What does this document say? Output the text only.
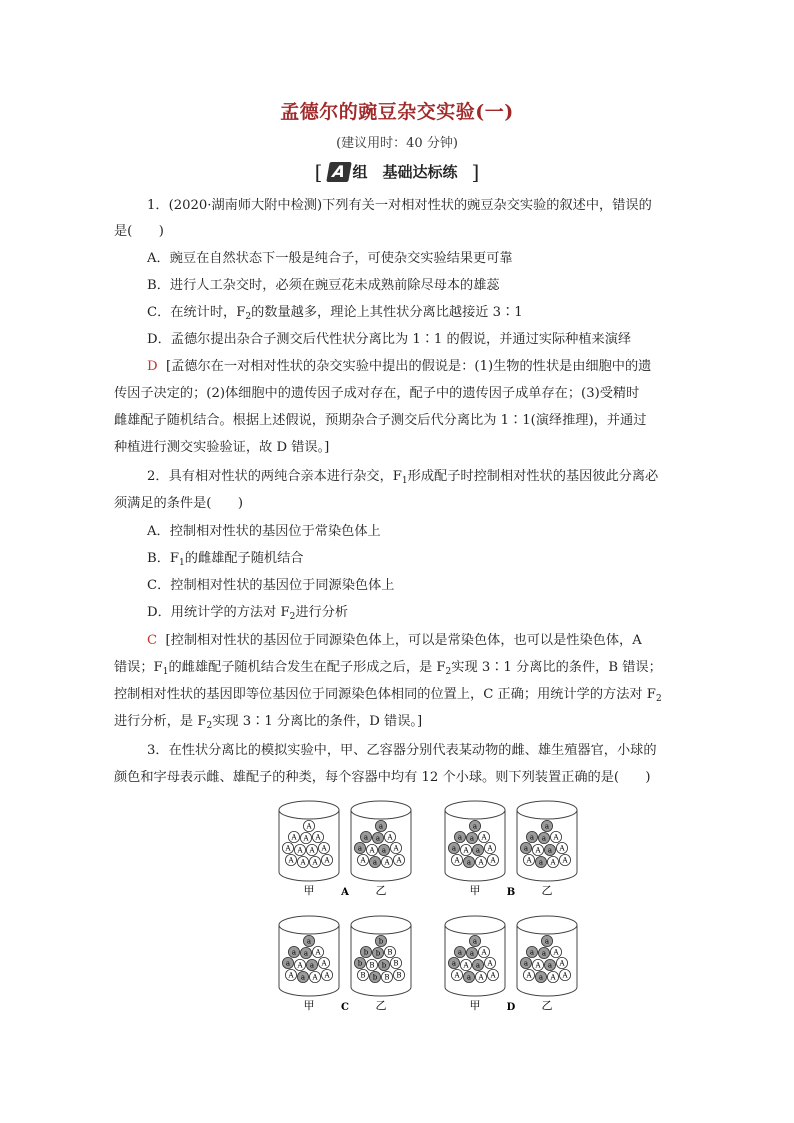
孟德尔的豌豆杂交实验(一)
(建议用时：40 分钟)
[ A 组　基础达标练 ]
1．(2020·湖南师大附中检测)下列有关一对相对性状的豌豆杂交实验的叙述中，错误的
是(　　)
A．豌豆在自然状态下一般是纯合子，可使杂交实验结果更可靠
B．进行人工杂交时，必须在豌豆花未成熟前除尽母本的雄蕊
C．在统计时，$F_2$的数量越多，理论上其性状分离比越接近 3∶1
D．孟德尔提出杂合子测交后代性状分离比为 1∶1 的假说，并通过实际种植来演绎
D [孟德尔在一对相对性状的杂交实验中提出的假说是：(1)生物的性状是由细胞中的遗
传因子决定的；(2)体细胞中的遗传因子成对存在，配子中的遗传因子成单存在；(3)受精时
雌雄配子随机结合。根据上述假说，预期杂合子测交后代分离比为 1∶1(演绎推理)，并通过
种植进行测交实验验证，故 D 错误。]
2．具有相对性状的两纯合亲本进行杂交，$F_1$形成配子时控制相对性状的基因彼此分离必
须满足的条件是(　　)
A．控制相对性状的基因位于常染色体上
B．$F_1$的雌雄配子随机结合
C．控制相对性状的基因位于同源染色体上
D．用统计学的方法对 $F_2$进行分析
C [控制相对性状的基因位于同源染色体上，可以是常染色体，也可以是性染色体，A
错误；$F_1$的雌雄配子随机结合发生在配子形成之后，是 $F_2$实现 3∶1 分离比的条件，B 错误；
控制相对性状的基因即等位基因位于同源染色体相同的位置上，C 正确；用统计学的方法对 $F_2$
进行分析，是 $F_2$实现 3∶1 分离比的条件，D 错误。]
3．在性状分离比的模拟实验中，甲、乙容器分别代表某动物的雌、雄生殖器官，小球的
颜色和字母表示雌、雄配子的种类，每个容器中均有 12 个小球。则下列装置正确的是(　　)
A A A A
A A A A
A A A
A
甲
A a A A
a A a A
a a A
a
乙
A
A a A A
a A a A
a a A
a
甲
A a A A
a A a A
a a A
a
乙
B
A a A A
a A a A
a a A
a
甲
B b B B
b B b B
b b B
b
乙
C
A a A A
a A a A
a a A
a
甲
A a A A
a A a A
a a A
a
乙
D
